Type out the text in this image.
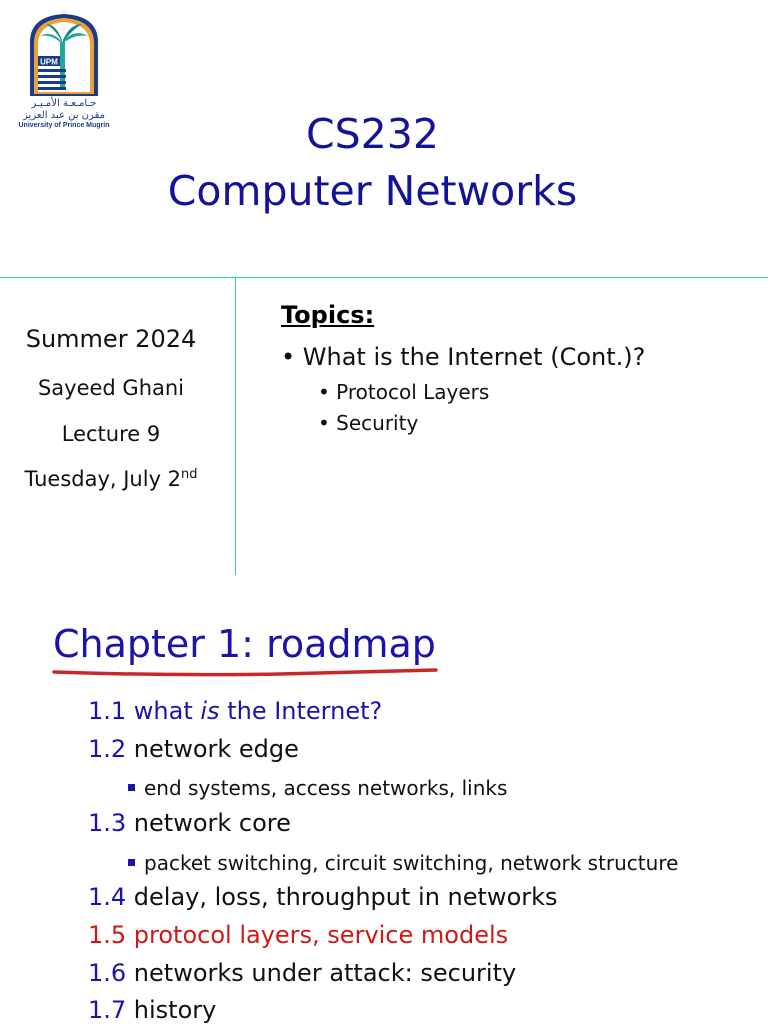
UPM
جـامـعـة الأمـيـر
مقرن بن عبد العزيز
University of Prince Mugrin	CS232
Computer Networks
Summer 2024
Sayeed Ghani
Lecture 9
Tuesday, July 2nd
Topics:
• What is the Internet (Cont.)?
• Protocol Layers
• Security
Chapter 1: roadmap
1.1 what is the Internet?
1.2 network edge
end systems, access networks, links
1.3 network core
packet switching, circuit switching, network structure
1.4 delay, loss, throughput in networks
1.5 protocol layers, service models
1.6 networks under attack: security
1.7 history
